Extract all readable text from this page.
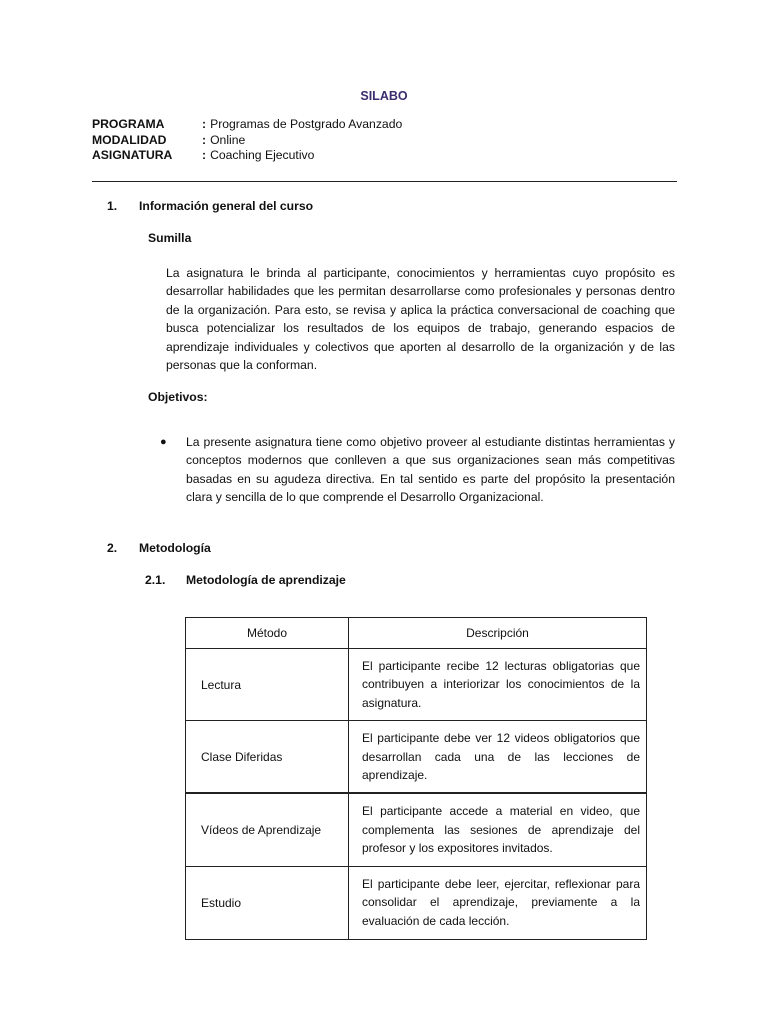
SILABO
PROGRAMA	: Programas de Postgrado Avanzado
MODALIDAD	: Online
ASIGNATURA	: Coaching Ejecutivo
1. Información general del curso
Sumilla

La asignatura le brinda al participante, conocimientos y herramientas cuyo propósito es desarrollar habilidades que les permitan desarrollarse como profesionales y personas dentro de la organización. Para esto, se revisa y aplica la práctica conversacional de coaching que busca potencializar los resultados de los equipos de trabajo, generando espacios de aprendizaje individuales y colectivos que aporten al desarrollo de la organización y de las personas que la conforman.

Objetivos:
● La presente asignatura tiene como objetivo proveer al estudiante distintas herramientas y conceptos modernos que conlleven a que sus organizaciones sean más competitivas basadas en su agudeza directiva. En tal sentido es parte del propósito la presentación clara y sencilla de lo que comprende el Desarrollo Organizacional.

2. Metodología
2.1. Metodología de aprendizaje
Método	Descripción
Lectura	El participante recibe 12 lecturas obligatorias que contribuyen a interiorizar los conocimientos de la asignatura.
Clase Diferidas	El participante debe ver 12 videos obligatorios que desarrollan cada una de las lecciones de aprendizaje.
Vídeos de Aprendizaje	El participante accede a material en video, que complementa las sesiones de aprendizaje del profesor y los expositores invitados.
Estudio	El participante debe leer, ejercitar, reflexionar para consolidar el aprendizaje, previamente a la evaluación de cada lección.
